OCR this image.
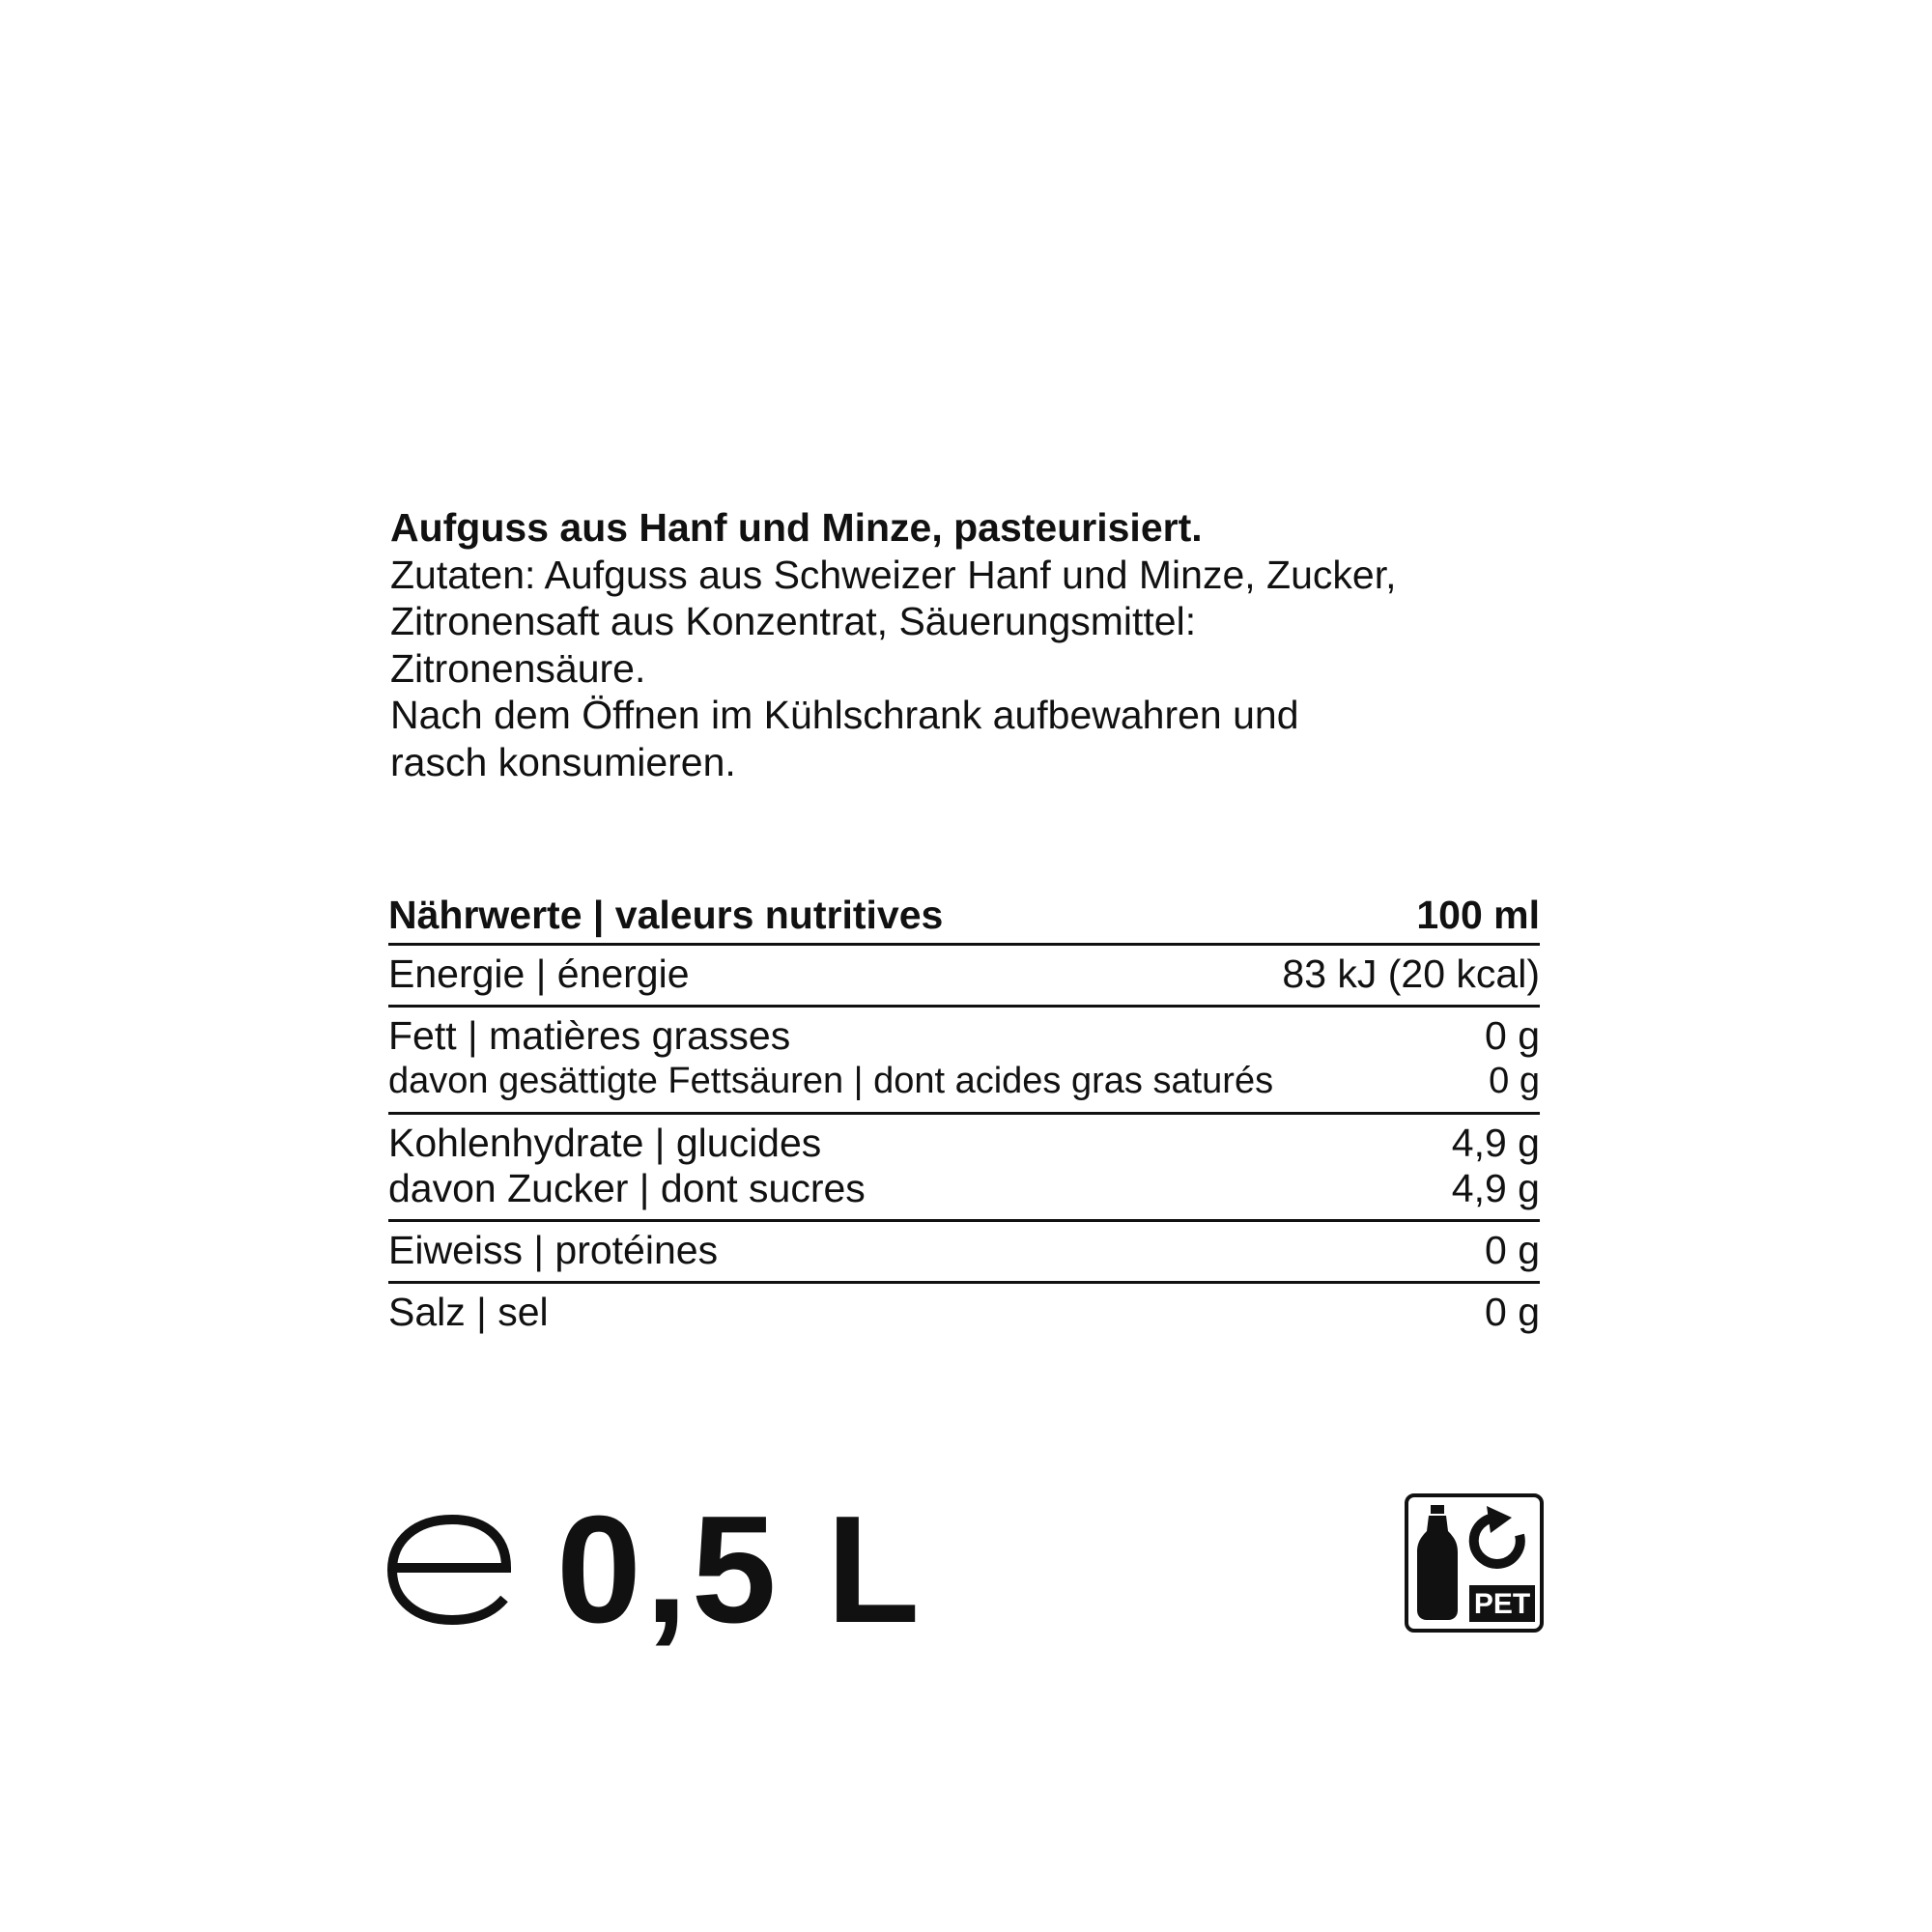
Aufguss aus Hanf und Minze, pasteurisiert.

Zutaten: Aufguss aus Schweizer Hanf und Minze, Zucker,

Zitronensaft aus Konzentrat, Säuerungsmittel:

Zitronensäure.

Nach dem Öffnen im Kühlschrank aufbewahren und

rasch konsumieren.

Nährwerte | valeurs nutritives	100 ml
Energie | énergie	83 kJ (20 kcal)
Fett | matières grasses	0 g
davon gesättigte Fettsäuren | dont acides gras saturés	0 g
Kohlenhydrate | glucides	4,9 g
davon Zucker | dont sucres	4,9 g
Eiweiss | protéines	0 g
Salz | sel	0 g
0,5 L	PET
